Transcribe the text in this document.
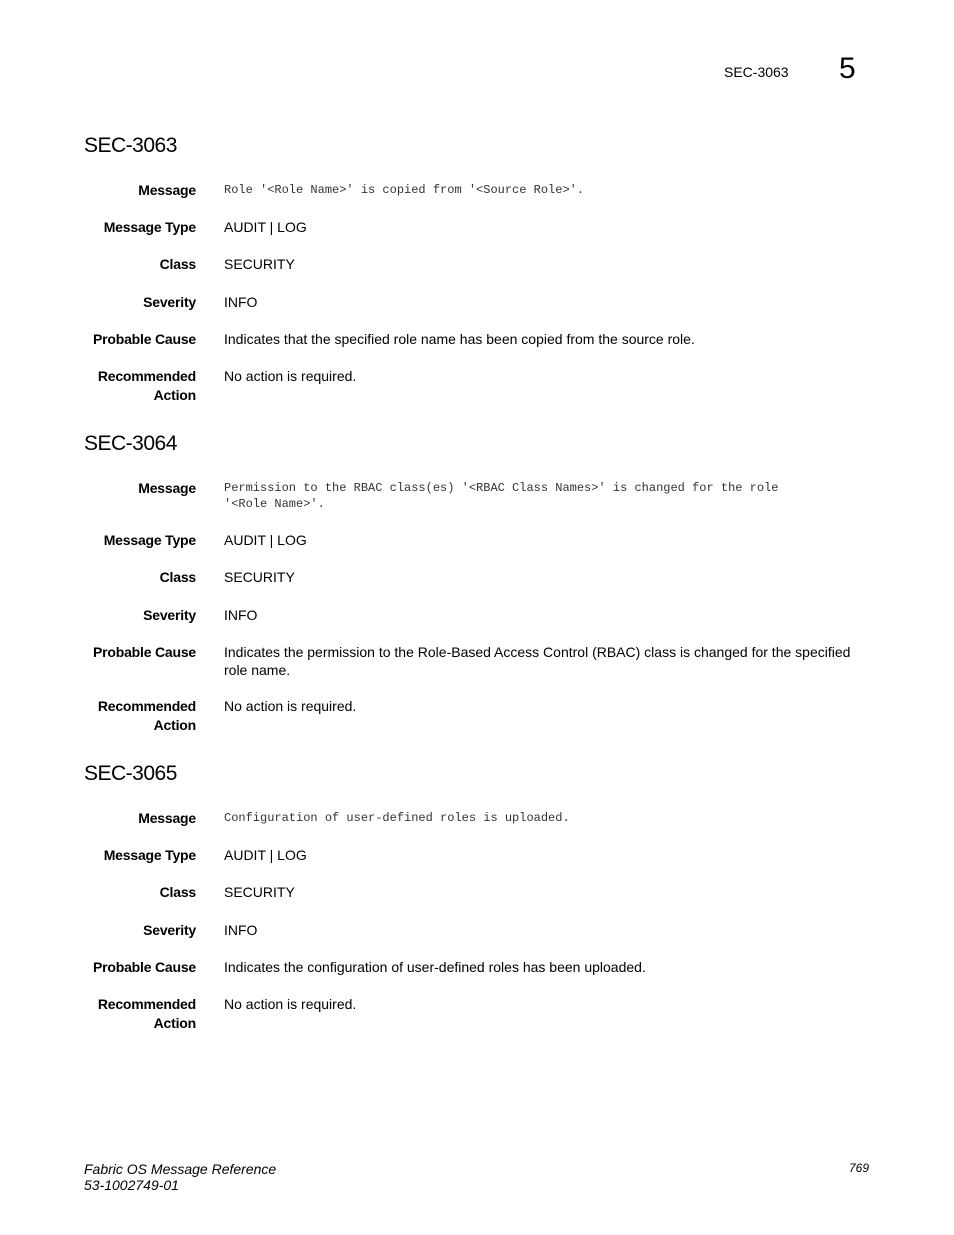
SEC-3063 5
SEC-3063
Message Role '<Role Name>' is copied from '<Source Role>'.
Message Type AUDIT | LOG
Class SECURITY
Severity INFO
Probable Cause Indicates that the specified role name has been copied from the source role.
Recommended
Action
No action is required.
SEC-3064
Message Permission to the RBAC class(es) '<RBAC Class Names>' is changed for the role
'<Role Name>'.
Message Type AUDIT | LOG
Class SECURITY
Severity INFO
Probable Cause Indicates the permission to the Role-Based Access Control (RBAC) class is changed for the specified
role name.
Recommended
Action
No action is required.
SEC-3065
Message Configuration of user-defined roles is uploaded.
Message Type AUDIT | LOG
Class SECURITY
Severity INFO
Probable Cause Indicates the configuration of user-defined roles has been uploaded.
Recommended
Action
No action is required.
Fabric OS Message Reference
53-1002749-01
769
